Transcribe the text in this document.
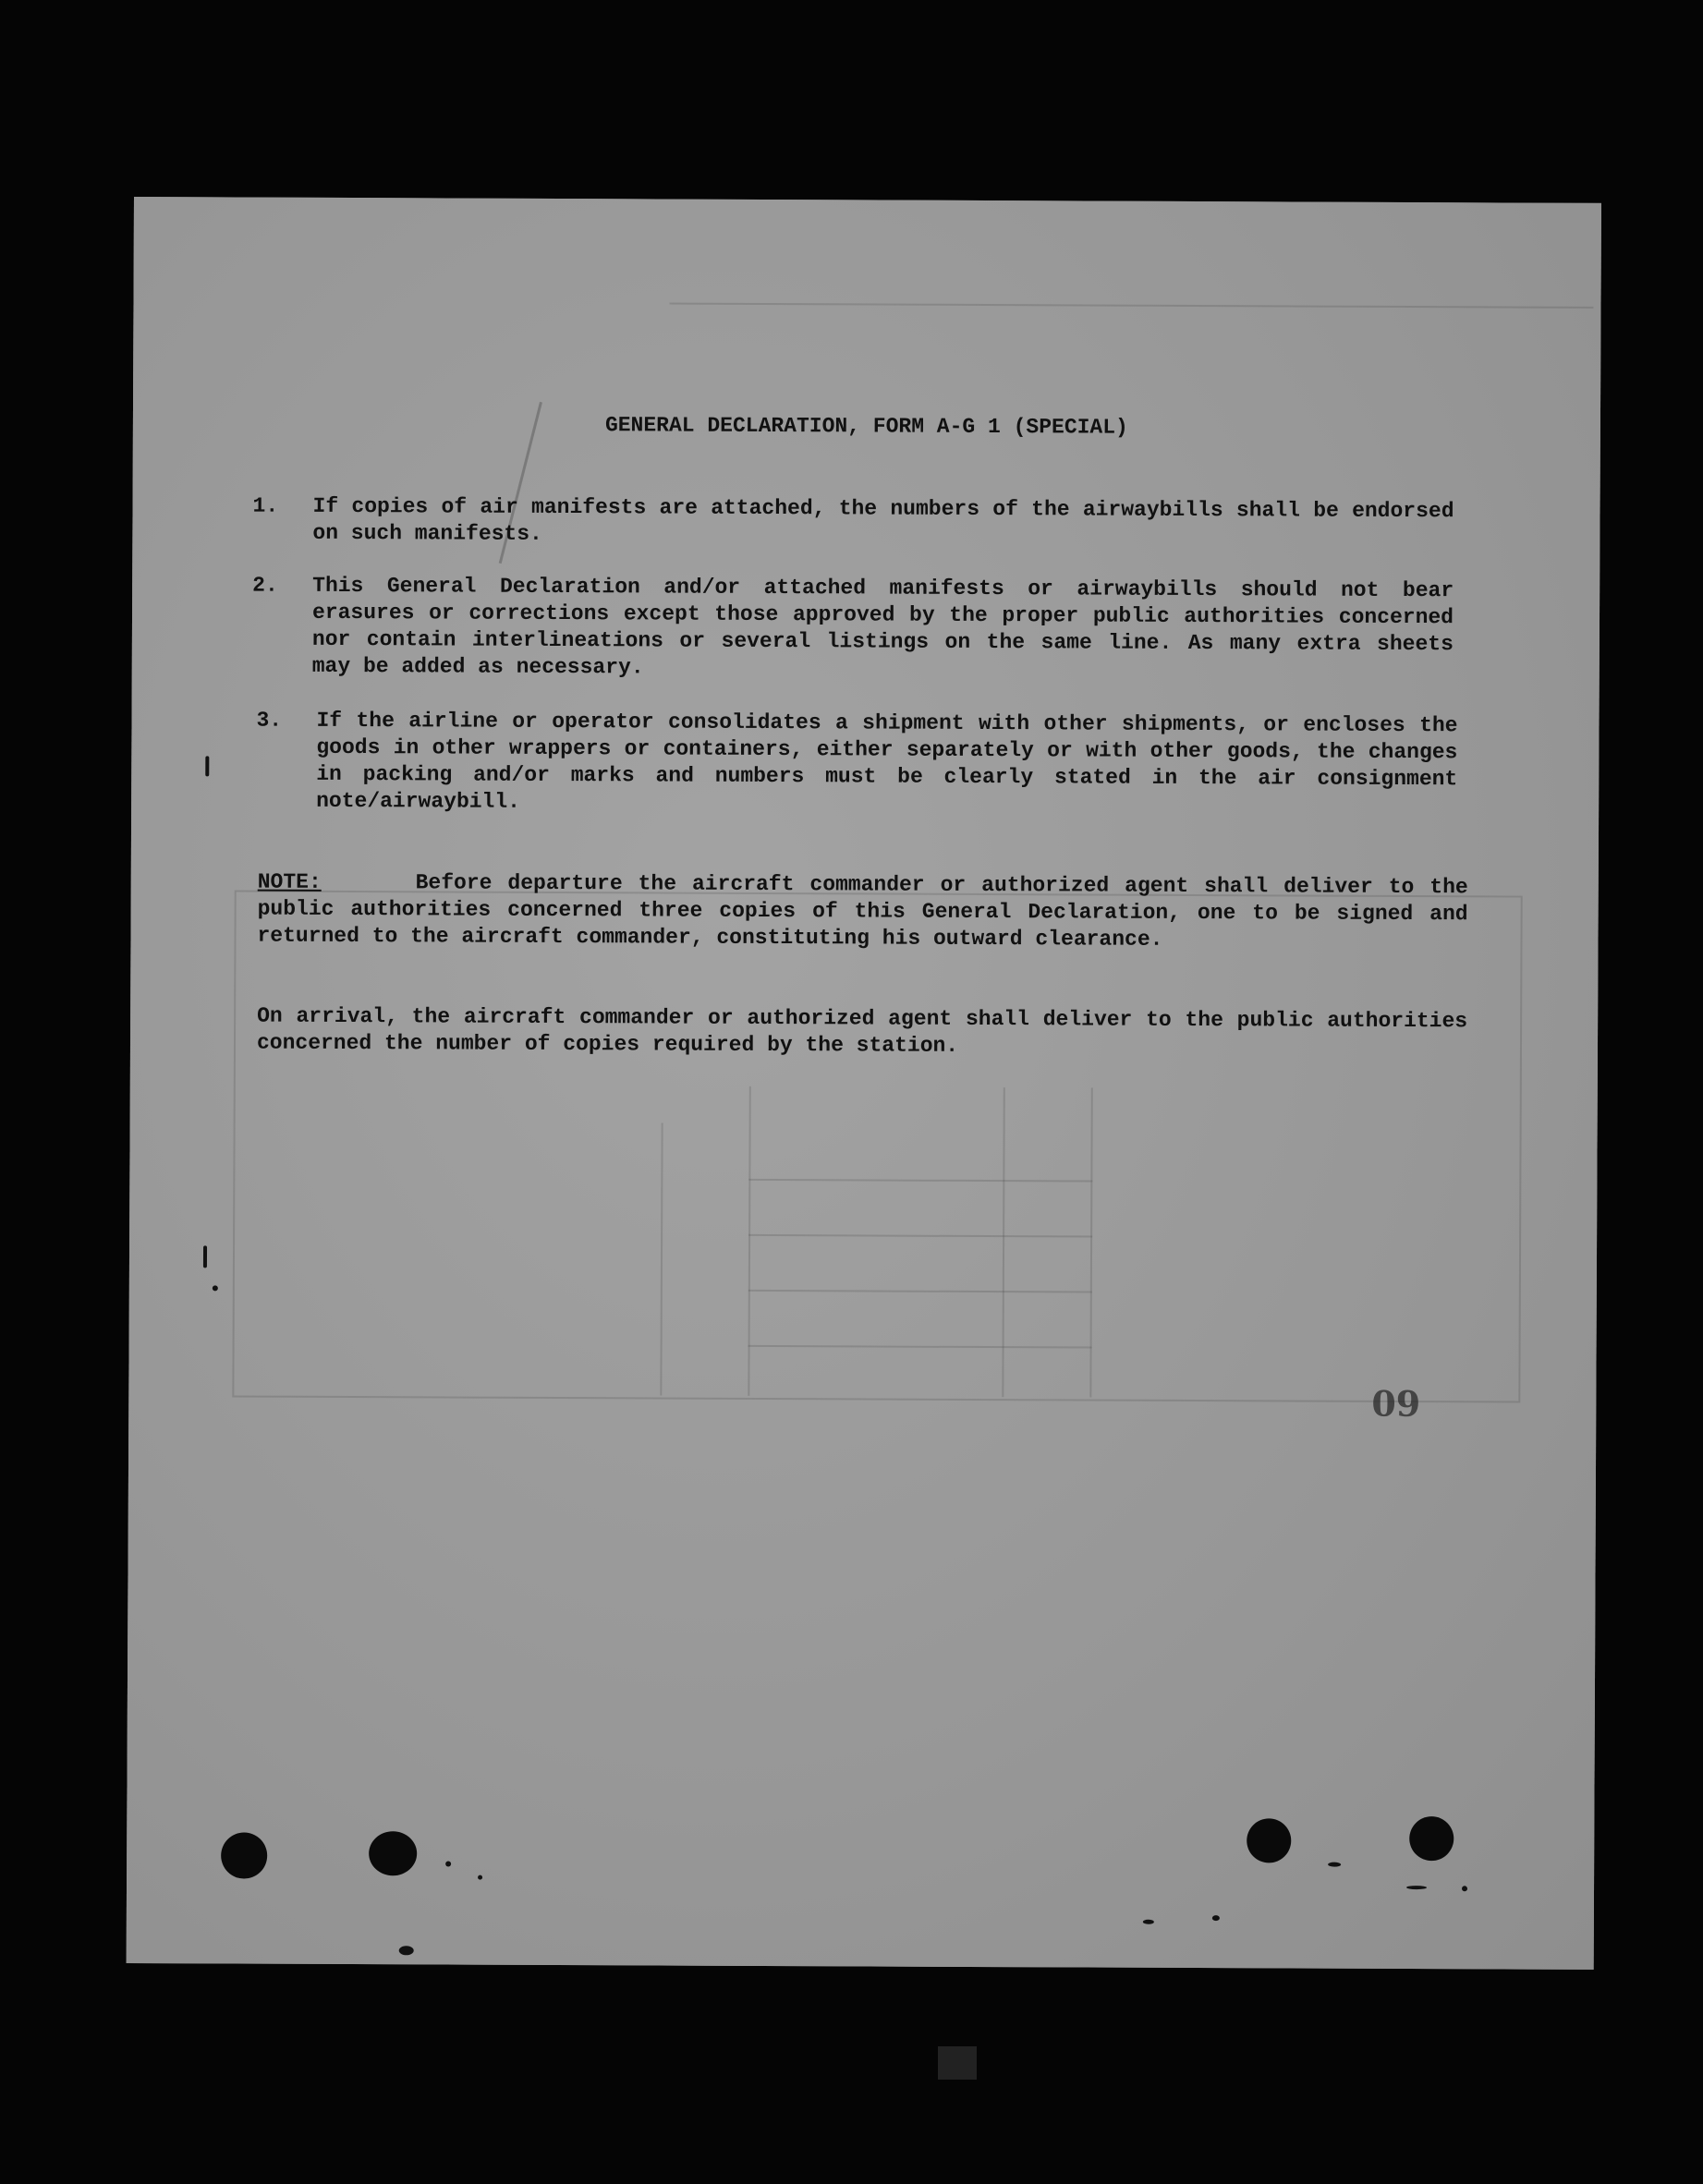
GENERAL DECLARATION, FORM A-G 1 (SPECIAL)
1. If copies of air manifests are attached, the numbers of the airwaybills shall be endorsed on such manifests.
2. This General Declaration and/or attached manifests or airwaybills should not bear erasures or corrections except those approved by the proper public authorities concerned nor contain interlineations or several listings on the same line. As many extra sheets may be added as necessary.
3. If the airline or operator consolidates a shipment with other shipments, or encloses the goods in other wrappers or containers, either separately or with other goods, the changes in packing and/or marks and numbers must be clearly stated in the air consignment note/airwaybill.
NOTE:	Before departure the aircraft commander or authorized agent shall deliver to the public authorities concerned three copies of this General Declaration, one to be signed and returned to the aircraft commander, constituting his outward clearance.
On arrival, the aircraft commander or authorized agent shall deliver to the public authorities concerned the number of copies required by the station.
60
